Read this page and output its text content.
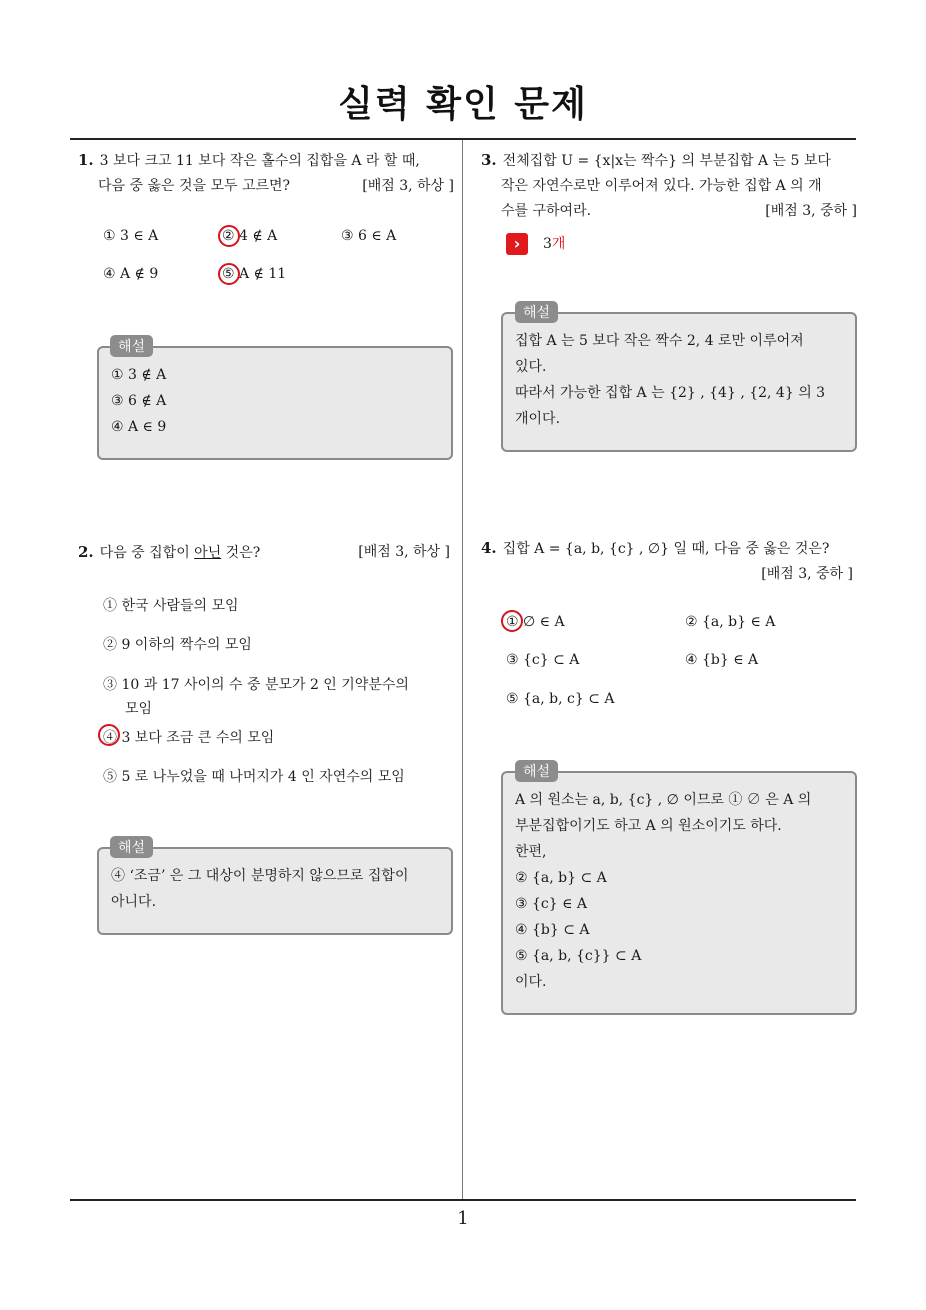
실력 확인 문제
1. 3 보다 크고 11 보다 작은 홀수의 집합을 A 라 할 때,
다음 중 옳은 것을 모두 고르면?	[배점 3, 하상 ]
① 3 ∈ A	② 4 ∉ A	③ 6 ∈ A
④ A ∉ 9	⑤ A ∉ 11
① 3 ∉ A
③ 6 ∉ A
④ A ∈ 9
해설
2. 다음 중 집합이 아닌 것은?	[배점 3, 하상 ]
① 한국 사람들의 모임
② 9 이하의 짝수의 모임
③ 10 과 17 사이의 수 중 분모가 2 인 기약분수의
모임
④ 3 보다 조금 큰 수의 모임
⑤ 5 로 나누었을 때 나머지가 4 인 자연수의 모임
④ ‘조금’ 은 그 대상이 분명하지 않으므로 집합이
아니다.
해설
3. 전체집합 U = {x|x는 짝수} 의 부분집합 A 는 5 보다
작은 자연수로만 이루어져 있다. 가능한 집합 A 의 개
수를 구하여라.	[배점 3, 중하 ]
›	3개
집합 A 는 5 보다 작은 짝수 2, 4 로만 이루어져
있다.
따라서 가능한 집합 A 는 {2} , {4} , {2, 4} 의 3
개이다.
해설
4. 집합 A = {a, b, {c} , ∅} 일 때, 다음 중 옳은 것은?
[배점 3, 중하 ]
① ∅ ∈ A	② {a, b} ∈ A
③ {c} ⊂ A	④ {b} ∈ A
⑤ {a, b, c} ⊂ A
A 의 원소는 a, b, {c} , ∅ 이므로 ① ∅ 은 A 의
부분집합이기도 하고 A 의 원소이기도 하다.
한편,
② {a, b} ⊂ A
③ {c} ∈ A
④ {b} ⊂ A
⑤ {a, b, {c}} ⊂ A
이다.
해설
1
